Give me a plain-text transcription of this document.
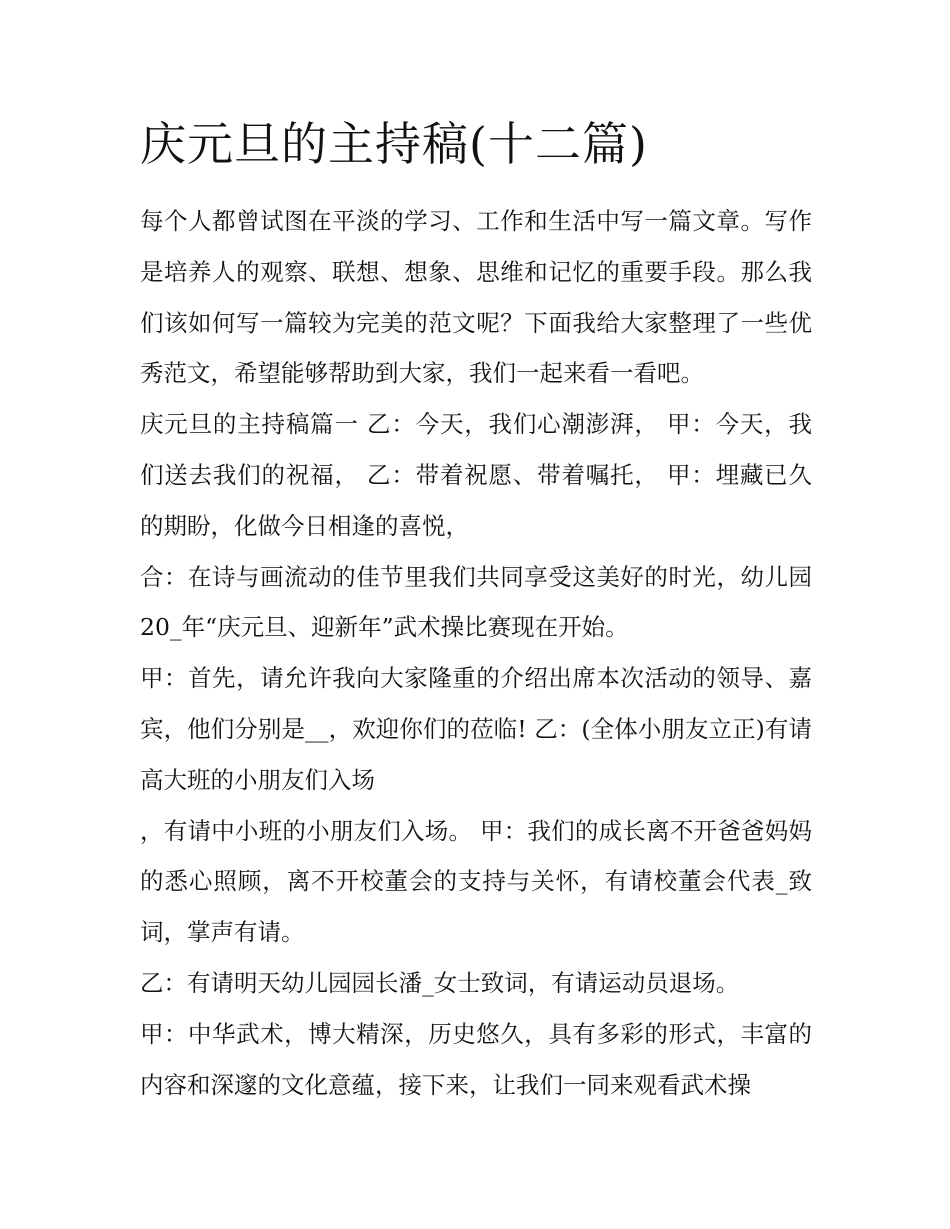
庆元旦的主持稿(十二篇)

每个人都曾试图在平淡的学习、工作和生活中写一篇文章。写作是培养人的观察、联想、想象、思维和记忆的重要手段。那么我们该如何写一篇较为完美的范文呢？下面我给大家整理了一些优秀范文，希望能够帮助到大家，我们一起来看一看吧。

庆元旦的主持稿篇一 乙：今天，我们心潮澎湃， 甲：今天，我们送去我们的祝福， 乙：带着祝愿、带着嘱托， 甲：埋藏已久的期盼，化做今日相逢的喜悦，

合：在诗与画流动的佳节里我们共同享受这美好的时光，幼儿园20_年“庆元旦、迎新年”武术操比赛现在开始。

甲：首先，请允许我向大家隆重的介绍出席本次活动的领导、嘉宾，他们分别是__，欢迎你们的莅临! 乙：(全体小朋友立正)有请高大班的小朋友们入场

，有请中小班的小朋友们入场。 甲：我们的成长离不开爸爸妈妈的悉心照顾，离不开校董会的支持与关怀，有请校董会代表_致词，掌声有请。

乙：有请明天幼儿园园长潘_女士致词，有请运动员退场。

甲：中华武术，博大精深，历史悠久，具有多彩的形式，丰富的内容和深邃的文化意蕴，接下来，让我们一同来观看武术操
